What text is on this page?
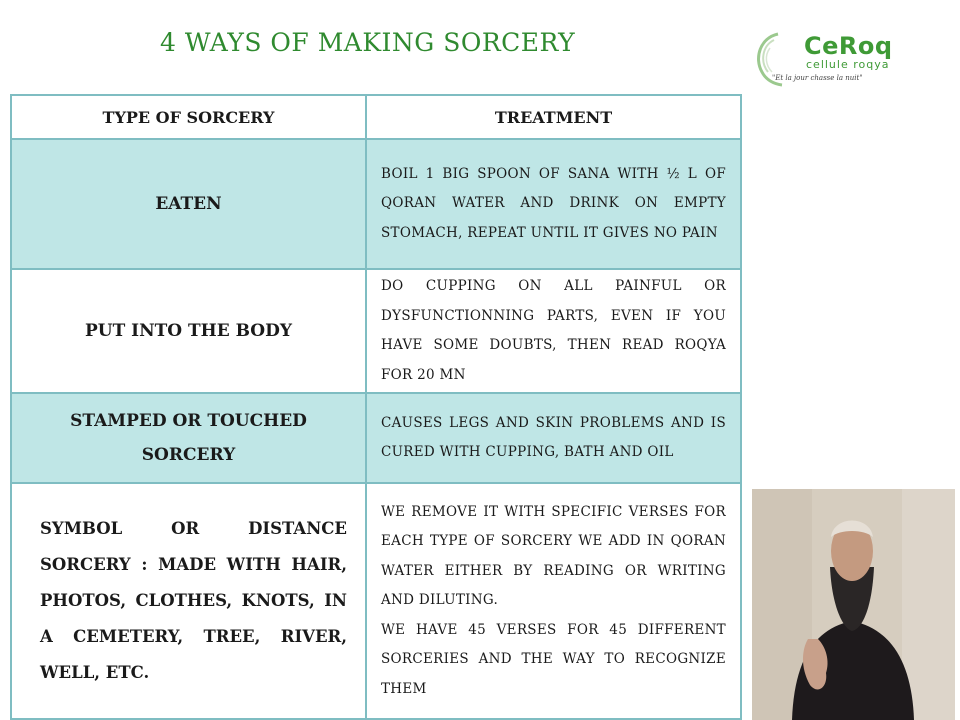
4 WAYS OF MAKING SORCERY	CeRoq
cellule roqya
"Et la jour chasse la nuit"
TYPE OF SORCERY	TREATMENT
EATEN	BOIL 1 BIG SPOON OF SANA WITH ½ L OF QORAN WATER AND DRINK ON EMPTY STOMACH, REPEAT UNTIL IT GIVES NO PAIN
PUT INTO THE BODY	DO CUPPING ON ALL PAINFUL OR DYSFUNCTIONNING PARTS, EVEN IF YOU HAVE SOME DOUBTS, THEN READ ROQYA FOR 20 MN
STAMPED OR TOUCHED SORCERY	CAUSES LEGS AND SKIN PROBLEMS AND IS CURED WITH CUPPING, BATH AND OIL
SYMBOL OR DISTANCE SORCERY : MADE WITH HAIR, PHOTOS, CLOTHES, KNOTS, IN A CEMETERY, TREE, RIVER, WELL, ETC.	WE REMOVE IT WITH SPECIFIC VERSES FOR EACH TYPE OF SORCERY WE ADD IN QORAN WATER EITHER BY READING OR WRITING AND DILUTING.
WE HAVE 45 VERSES FOR 45 DIFFERENT SORCERIES AND THE WAY TO RECOGNIZE THEM
